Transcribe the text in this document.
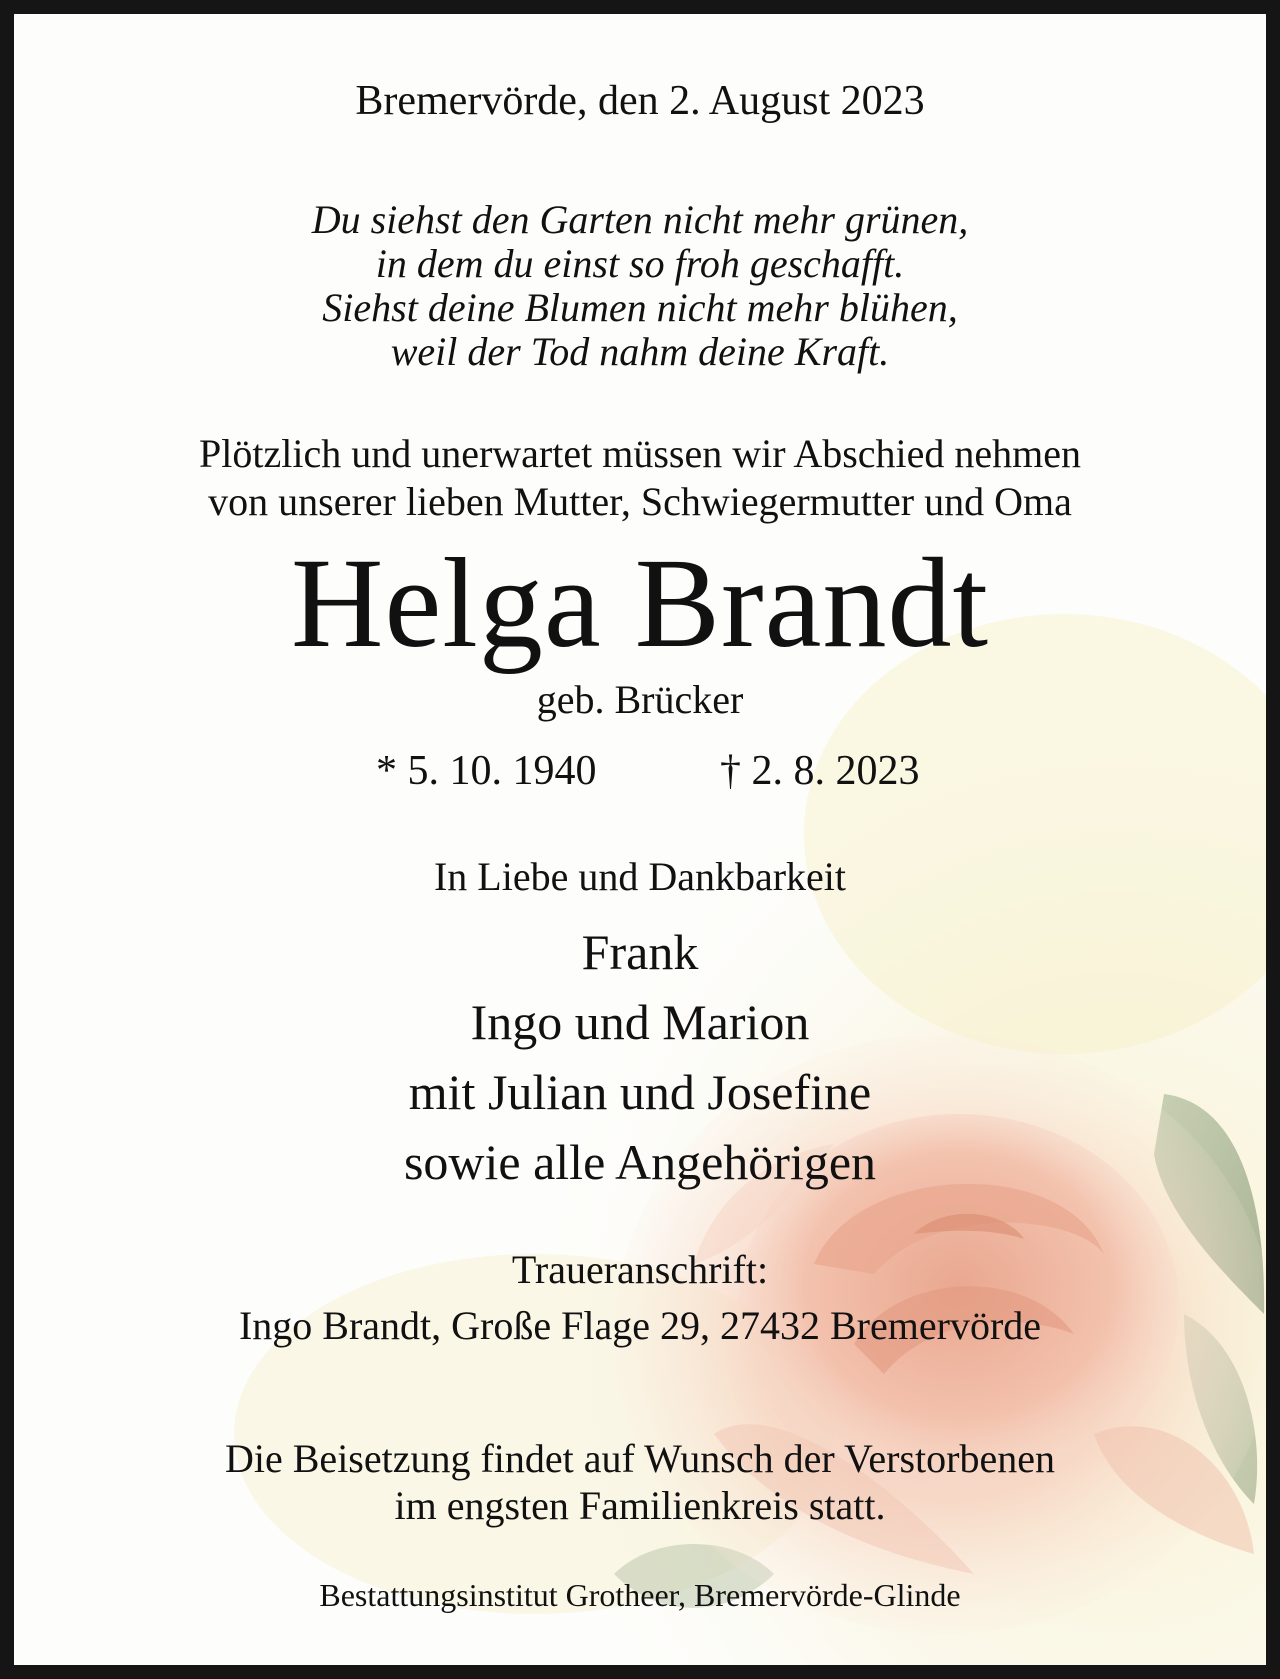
Bremervörde, den 2. August 2023
Du siehst den Garten nicht mehr grünen,
in dem du einst so froh geschafft.
Siehst deine Blumen nicht mehr blühen,
weil der Tod nahm deine Kraft.
Plötzlich und unerwartet müssen wir Abschied nehmen
von unserer lieben Mutter, Schwiegermutter und Oma
Helga Brandt
geb. Brücker
* 5. 10. 1940	† 2. 8. 2023
In Liebe und Dankbarkeit
Frank
Ingo und Marion
mit Julian und Josefine
sowie alle Angehörigen
Traueranschrift:
Ingo Brandt, Große Flage 29, 27432 Bremervörde
Die Beisetzung findet auf Wunsch der Verstorbenen
im engsten Familienkreis statt.
Bestattungsinstitut Grotheer, Bremervörde-Glinde
